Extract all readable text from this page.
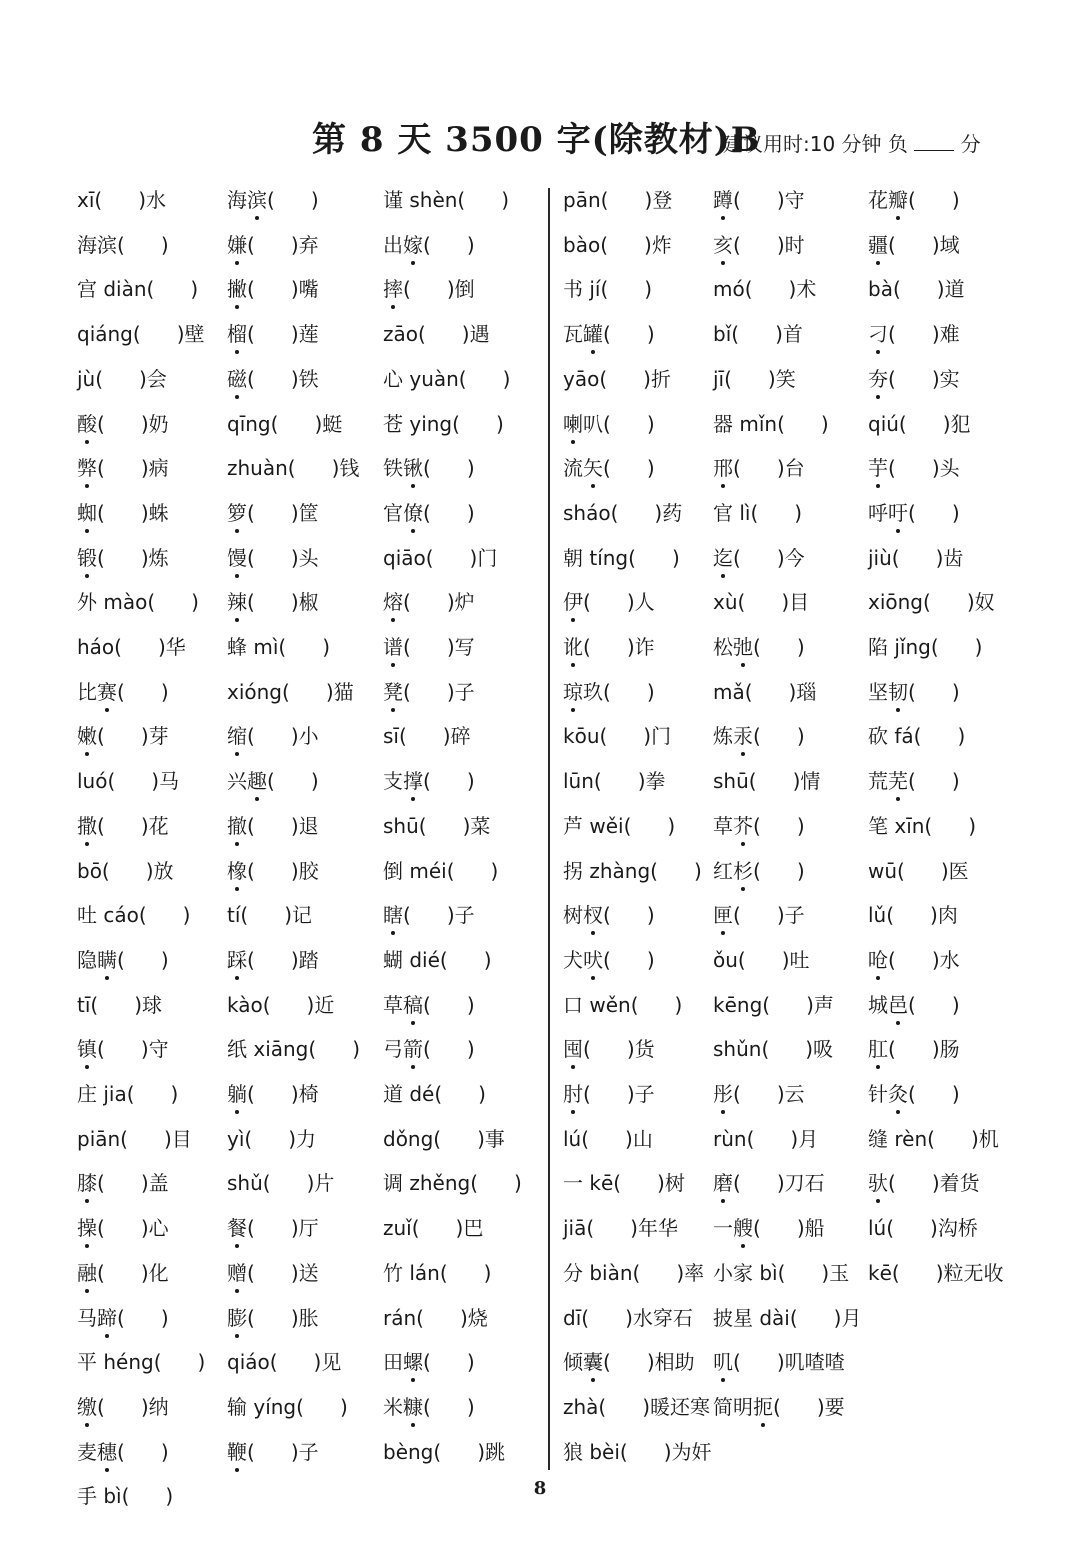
第 8 天 3500 字(除教材)B
建议用时:10 分钟 负	分
xī( )水
海滨( )
宫 diàn( )
qiáng( )壁
jù( )会
酸( )奶
弊( )病
蜘( )蛛
锻( )炼
外 mào( )
háo( )华
比赛( )
嫩( )芽
luó( )马
撒( )花
bō( )放
吐 cáo( )
隐瞒( )
tī( )球
镇( )守
庄 jia( )
piān( )目
膝( )盖
操( )心
融( )化
马蹄( )
平 héng( )
缴( )纳
麦穗( )
手 bì( )
海滨( )
嫌( )弃
撇( )嘴
榴( )莲
磁( )铁
qīng( )蜓
zhuàn( )钱
箩( )筐
馒( )头
辣( )椒
蜂 mì( )
xióng( )猫
缩( )小
兴趣( )
撤( )退
橡( )胶
tí( )记
踩( )踏
kào( )近
纸 xiāng( )
躺( )椅
yì( )力
shǔ( )片
餐( )厅
赠( )送
膨( )胀
qiáo( )见
输 yíng( )
鞭( )子
谨 shèn( )
出嫁( )
摔( )倒
zāo( )遇
心 yuàn( )
苍 ying( )
铁锹( )
官僚( )
qiāo( )门
熔( )炉
谱( )写
凳( )子
sī( )碎
支撑( )
shū( )菜
倒 méi( )
瞎( )子
蝴 dié( )
草稿( )
弓箭( )
道 dé( )
dǒng( )事
调 zhěng( )
zuǐ( )巴
竹 lán( )
rán( )烧
田螺( )
米糠( )
bèng( )跳
pān( )登
bào( )炸
书 jí( )
瓦罐( )
yāo( )折
喇叭( )
流矢( )
sháo( )药
朝 tíng( )
伊( )人
讹( )诈
琼玖( )
kōu( )门
lūn( )拳
芦 wěi( )
拐 zhàng( )
树杈( )
犬吠( )
口 wěn( )
囤( )货
肘( )子
lú( )山
一 kē( )树
jiā( )年华
分 biàn( )率
dī( )水穿石
倾囊( )相助
zhà( )暖还寒
狼 bèi( )为奸
蹲( )守
亥( )时
mó( )术
bǐ( )首
jī( )笑
器 mǐn( )
邢( )台
官 lì( )
迄( )今
xù( )目
松弛( )
mǎ( )瑙
炼汞( )
shū( )情
草芥( )
红杉( )
匣( )子
ǒu( )吐
kēng( )声
shǔn( )吸
彤( )云
rùn( )月
磨( )刀石
一艘( )船
小家 bì( )玉
披星 dài( )月
叽( )叽喳喳
简明扼( )要
花瓣( )
疆( )域
bà( )道
刁( )难
夯( )实
qiú( )犯
芋( )头
呼吁( )
jiù( )齿
xiōng( )奴
陷 jǐng( )
坚韧( )
砍 fá( )
荒芜( )
笔 xīn( )
wū( )医
lǔ( )肉
呛( )水
城邑( )
肛( )肠
针灸( )
缝 rèn( )机
驮( )着货
lú( )沟桥
kē( )粒无收
8
